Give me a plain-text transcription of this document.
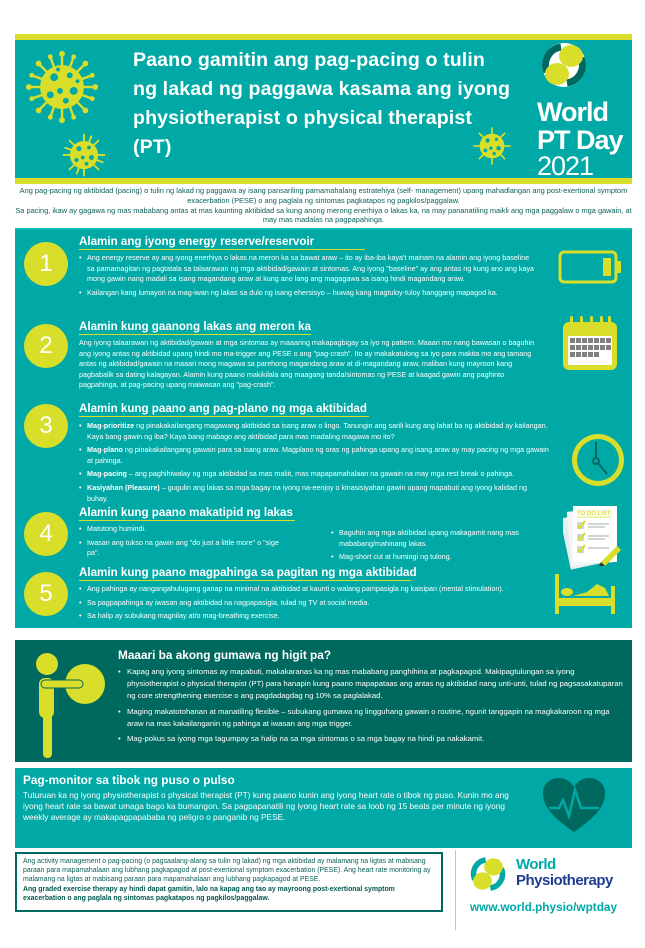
Paano gamitin ang pag-pacing o tulin ng lakad ng paggawa kasama ang iyong physiotherapist o physical therapist (PT)
World
PT Day
2021

Ang pag-pacing ng aktibidad (pacing) o tulin ng lakad ng paggawa ay isang pansariling pamamahalang estratehiya (self- management) upang mahadlangan ang post-exertional symptom exacerbation (PESE) o ang paglala ng sintomas pagkatapos ng pagkilos/paggalaw.

Sa pacing, ikaw ay gagawa ng mas mababang antas at mas kaunting aktibidad sa kung anong merong enerhiya o lakas ka, na may pananatiling maikli ang mga paggalaw o mga gawain, at may mas madalas na pagpapahinga.

1
Alamin ang iyong energy reserve/reservoir
• Ang energy reserve ay ang iyong enerhiya o lakas na meron ka sa bawat araw – ito ay iba-iba kaya't mainam na alamin ang iyong baseline sa pamamagitan ng pagtatala sa talaarawan ng mga aktibidad/gawain at sintomas. Ang iyong "baseline" ay ang antas ng kung ano ang kaya mong gawin nang madali sa isang magandang araw at kung ano lang ang magagawa sa isang hindi magandang araw.
• Kailangan kang lumayon na mag-iwan ng lakas sa dulo ng isang ehersisyo – huwag kang magtuloy-tuloy hanggang mapagod ka.
2
Alamin kung gaanong lakas ang meron ka
Ang iyong talaarawan ng aktibidad/gawain at mga sintomas ay maaaring makapagbigay sa iyo ng pattern. Maaari mo nang bawasan o baguhin ang iyong antas ng aktibidad upang hindi mo ma-trigger ang PESE o ang "pag-crash". Ito ay makakatulong sa iyo para makita mo ang tamang antas ng aktibidad/gawain na maaari mong magawa sa parehong magandang araw at di-magandang araw, maliban kung mayroon kang pagbabalik sa dating kalagayan. Alamin kung paano makikilala ang maagang tanda/sintomas ng PESE at kaagad gawin ang paghinto pagpahinga, at pag-pacing upang maiwasan ang "pag-crash".
3
Alamin kung paano ang pag-plano ng mga aktibidad
• Mag-prioritize ng pinakakailangang magawang aktibidad sa isang araw o lingo. Tanungin ang sarili kung ang lahat ba ng aktibidad ay kailangan. Kaya bang gawin ng iba? Kaya bang mabago ang aktibidad para mas madaling magawa mo ito?
• Mag-plano ng pinakakailangang gawain para sa isang araw. Magplano ng oras ng pahinga upang ang isang araw ay may pacing ng mga gawain at pahinga.
• Mag-pacing – ang paghihiwalay ng mga aktibidad sa mas maliit, mas mapapamahalaan na gawain na may mga rest break o pahinga.
• Kasiyahan (Pleasure) – gugulin ang lakas sa mga bagay na iyong na-eenjoy o kinasisiyahan gawin upang mapabuti ang iyong kalidad ng buhay.
4
Alamin kung paano makatipid ng lakas
• Matutong humindi.
• Iwasan ang tukso na gawin ang "do just a little more" o "sige pa".
• Baguhin ang mga aktibidad upang makagamit nang mas mababang/mahinang lakas.
• Mag-short cut at humingi ng tulong.
TO DO LIST
5
Alamin kung paano magpahinga sa pagitan ng mga aktibidad
• Ang pahinga ay nangangahulugang ganap na minimal na aktibidad at kaunti o walang pampasigla ng kaisipan (mental stimulation).
• Sa pagpapahinga ay iwasan ang aktibidad na nagpapasigla, tulad ng TV at social media.
• Sa halip ay subukang magnilay at/o mag-breathing exercise.
Maaari ba akong gumawa ng higit pa?
• Kapag ang iyong sintomas ay mapabuti, makakaranas ka ng mas mababang panghihina at pagkapagod. Makipagtulungan sa iyong physiotherapist o physical therapist (PT) para hanapin kung paano mapapataas ang antas ng aktibidad nang unti-unti, tulad ng pagsasakatuparan ng core strengthening exercise o ang pagdadagdag ng 10% sa paglalakad.
• Maging makatotohanan at manatiling flexible – subukang gumawa ng lingguhang gawain o routine, ngunit tanggapin na magkakaroon ng mga araw na mas kakailanganin ng pahinga at iwasan ang mga trigger.
• Mag-pokus sa iyong mga tagumpay sa halip na sa mga sintomas o sa mga bagay na hindi pa nakakamit.
Pag-monitor sa tibok ng puso o pulso
Tuturuan ka ng iyong physiotherapist o physical therapist (PT) kung paano kunin ang iyong heart rate o tibok ng puso. Kunin mo ang iyong heart rate sa bawat umaga bago ka bumangon. Sa pagpapanatili ng iyong heart rate sa loob ng 15 beats per minute ng iyong weekly average ay makapagpapababa ng peligro o panganib ng PESE.
Ang activity management o pag-pacing (o pagsaalang-alang sa tulin ng lakad) ng mga aktibidad ay malamang na ligtas at mabisang paraan para mapamahalaan ang lubhang pagkapagod at post-exertional symptom exacerbation (PESE). Ang heart rate monitoring ay malamang na ligtas at mabisang paraan para mapamahalaan ang lubhang pagkapagod at PESE.
Ang graded exercise therapy ay hindi dapat gamitin, lalo na kapag ang tao ay mayroong post-exertional symptom exacerbation o ang paglala ng sintomas pagkatapos ng pagkilos/paggalaw.
World
Physiotherapy
www.world.physio/wptday
